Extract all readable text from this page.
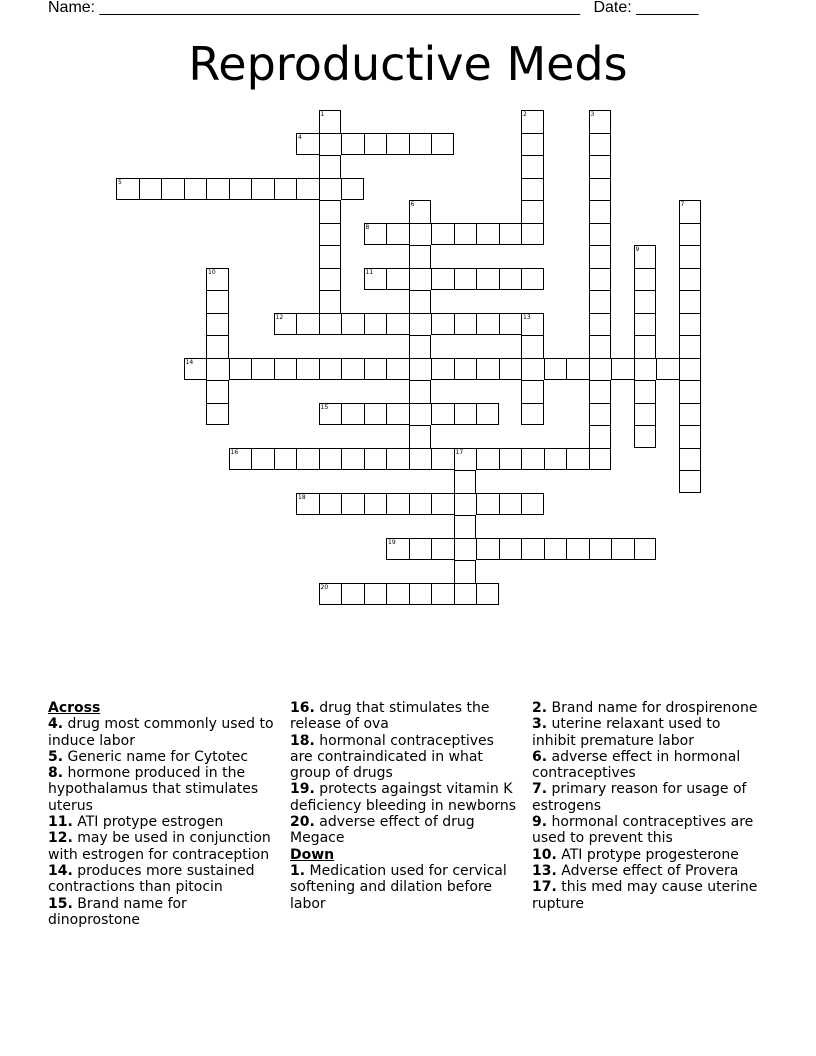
Name: ______________________________________________________ Date: _______
Reproductive Meds
1	2	3
4
5
6	7
8
9
10	11
12	13
14
15
16	17
18
19
20

Across

4. drug most commonly used to induce labor

5. Generic name for Cytotec

8. hormone produced in the hypothalamus that stimulates uterus

11. ATI protype estrogen

12. may be used in conjunction with estrogen for contraception

14. produces more sustained contractions than pitocin

15. Brand name for dinoprostone

16. drug that stimulates the release of ova

18. hormonal contraceptives are contraindicated in what group of drugs

19. protects againgst vitamin K deficiency bleeding in newborns

20. adverse effect of drug Megace

Down

1. Medication used for cervical softening and dilation before labor

2. Brand name for drospirenone

3. uterine relaxant used to inhibit premature labor

6. adverse effect in hormonal contraceptives

7. primary reason for usage of estrogens

9. hormonal contraceptives are used to prevent this

10. ATI protype progesterone

13. Adverse effect of Provera

17. this med may cause uterine rupture
